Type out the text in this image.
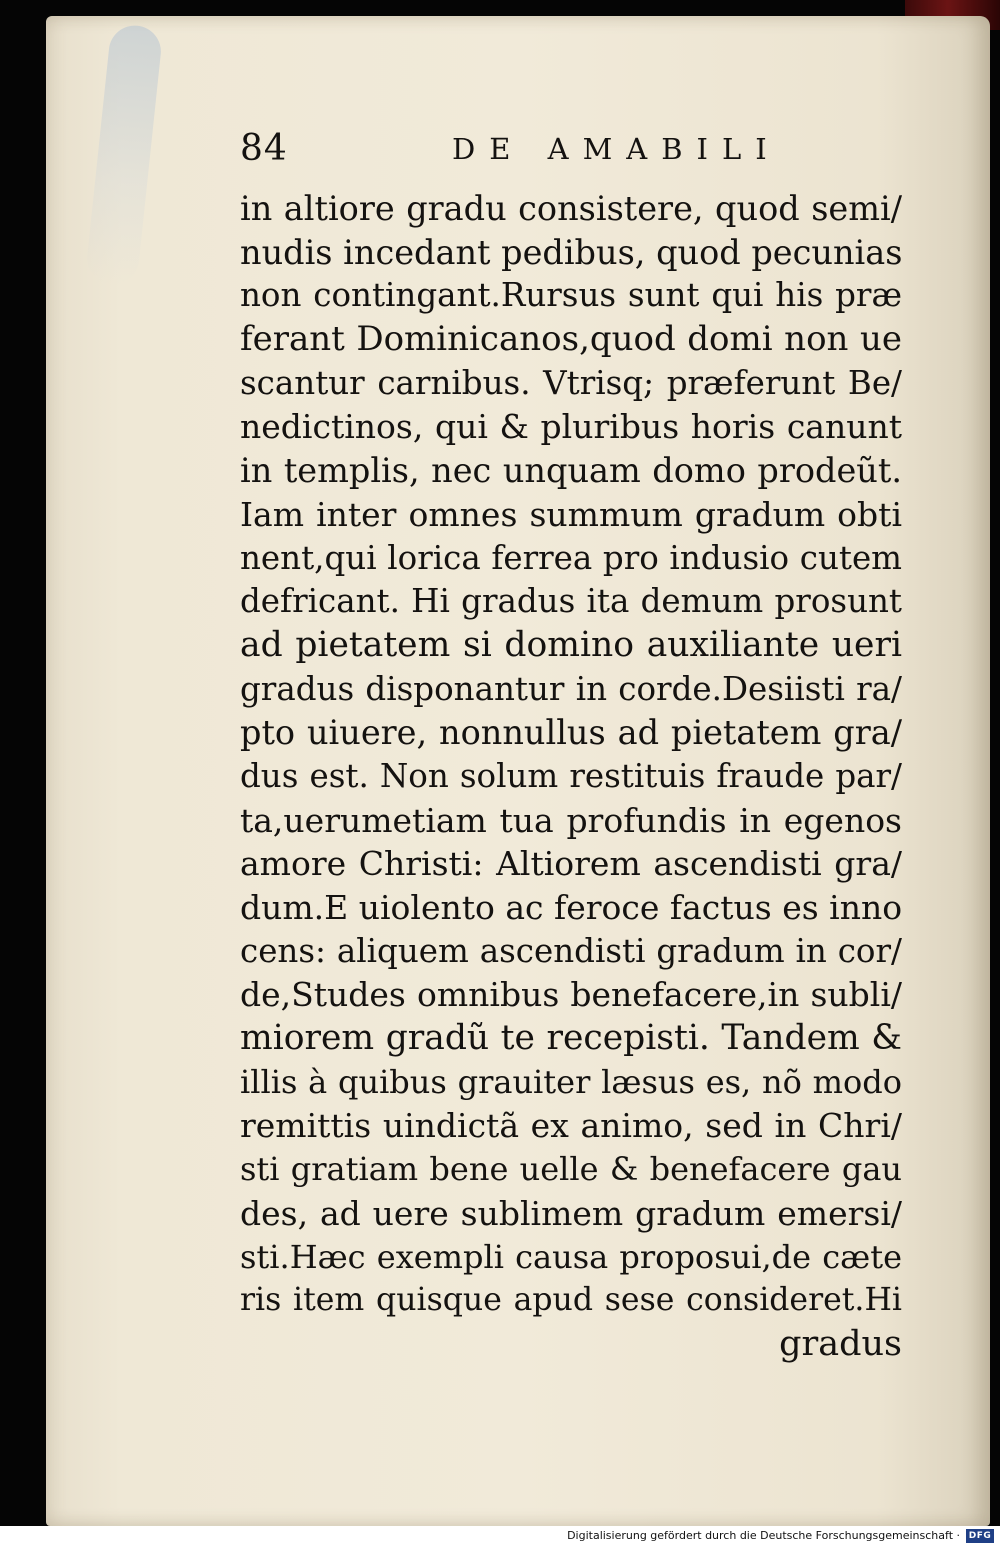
84	DE AMABILI
in altiore gradu consistere, quod semi/
nudis incedant pedibus, quod pecunias
non contingant.Rursus sunt qui his præ
ferant Dominicanos,quod domi non ue
scantur carnibus. Vtrisq; præferunt Be/
nedictinos, qui & pluribus horis canunt
in templis, nec unquam domo prodeũt.
Iam inter omnes summum gradum obti
nent,qui lorica ferrea pro indusio cutem
defricant. Hi gradus ita demum prosunt
ad pietatem si domino auxiliante ueri
gradus disponantur in corde.Desiisti ra/
pto uiuere, nonnullus ad pietatem gra/
dus est. Non solum restituis fraude par/
ta,uerumetiam tua profundis in egenos
amore Christi: Altiorem ascendisti gra/
dum.E uiolento ac feroce factus es inno
cens: aliquem ascendisti gradum in cor/
de,Studes omnibus benefacere,in subli/
miorem gradũ te recepisti. Tandem &
illis à quibus grauiter læsus es, nõ modo
remittis uindictã ex animo, sed in Chri/
sti gratiam bene uelle & benefacere gau
des, ad uere sublimem gradum emersi/
sti.Hæc exempli causa proposui,de cæte
ris item quisque apud sese consideret.Hi
gradus
Digitalisierung gefördert durch die Deutsche Forschungsgemeinschaft · DFG
